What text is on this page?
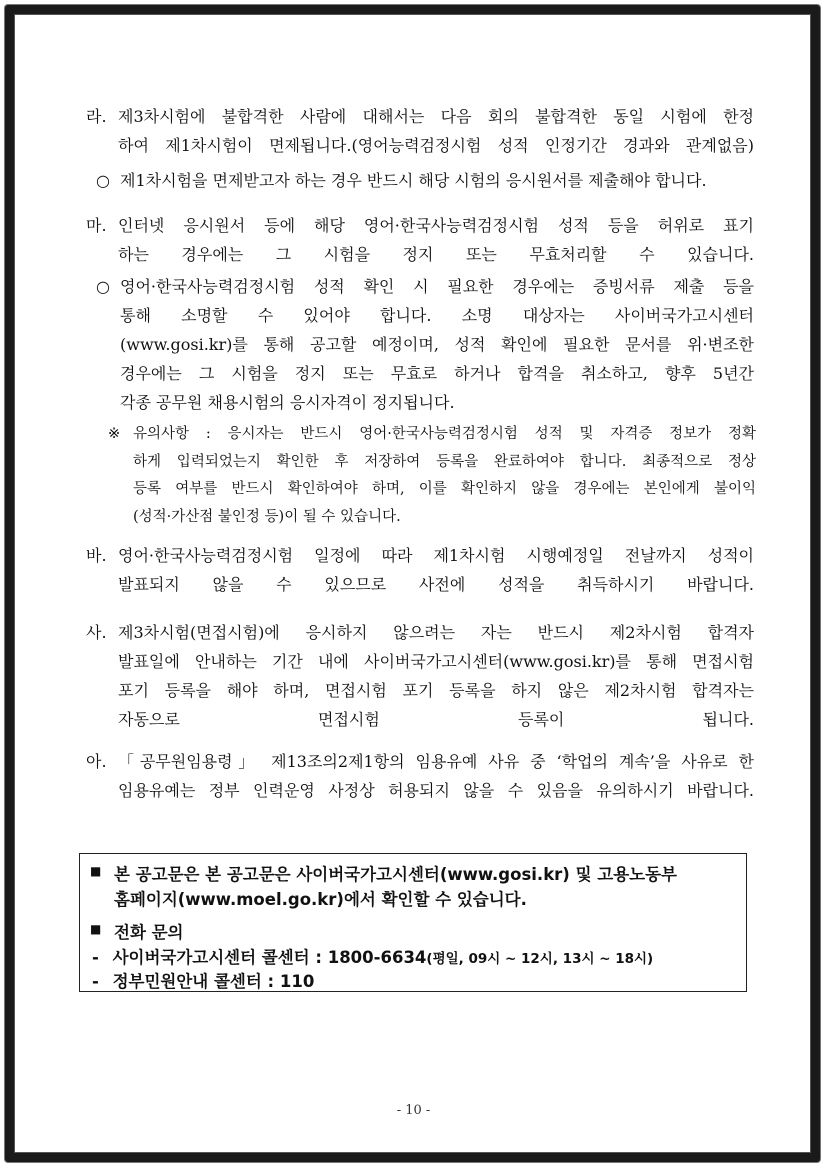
라. 제3차시험에 불합격한 사람에 대해서는 다음 회의 불합격한 동일 시험에 한정
하여 제1차시험이 면제됩니다.(영어능력검정시험 성적 인정기간 경과와 관계없음)
○ 제1차시험을 면제받고자 하는 경우 반드시 해당 시험의 응시원서를 제출해야 합니다.
마. 인터넷 응시원서 등에 해당 영어·한국사능력검정시험 성적 등을 허위로 표기
하는 경우에는 그 시험을 정지 또는 무효처리할 수 있습니다.
○ 영어·한국사능력검정시험 성적 확인 시 필요한 경우에는 증빙서류 제출 등을
통해 소명할 수 있어야 합니다. 소명 대상자는 사이버국가고시센터
(www.gosi.kr)를 통해 공고할 예정이며, 성적 확인에 필요한 문서를 위·변조한
경우에는 그 시험을 정지 또는 무효로 하거나 합격을 취소하고, 향후 5년간
각종 공무원 채용시험의 응시자격이 정지됩니다.
※ 유의사항 : 응시자는 반드시 영어·한국사능력검정시험 성적 및 자격증 정보가 정확
하게 입력되었는지 확인한 후 저장하여 등록을 완료하여야 합니다. 최종적으로 정상
등록 여부를 반드시 확인하여야 하며, 이를 확인하지 않을 경우에는 본인에게 불이익
(성적·가산점 불인정 등)이 될 수 있습니다.
바. 영어·한국사능력검정시험 일정에 따라 제1차시험 시행예정일 전날까지 성적이
발표되지 않을 수 있으므로 사전에 성적을 취득하시기 바랍니다.
사. 제3차시험(면접시험)에 응시하지 않으려는 자는 반드시 제2차시험 합격자
발표일에 안내하는 기간 내에 사이버국가고시센터(www.gosi.kr)를 통해 면접시험
포기 등록을 해야 하며, 면접시험 포기 등록을 하지 않은 제2차시험 합격자는
자동으로 면접시험 등록이 됩니다.
아. 「공무원임용령」 제13조의2제1항의 임용유예 사유 중 ‘학업의 계속’을 사유로 한
임용유예는 정부 인력운영 사정상 허용되지 않을 수 있음을 유의하시기 바랍니다.
■ 본 공고문은 본 공고문은 사이버국가고시센터(www.gosi.kr) 및 고용노동부
홈페이지(www.moel.go.kr)에서 확인할 수 있습니다.
■ 전화 문의
- 사이버국가고시센터 콜센터 : 1800-6634(평일, 09시 ~ 12시, 13시 ~ 18시)
- 정부민원안내 콜센터 : 110
- 10 -
